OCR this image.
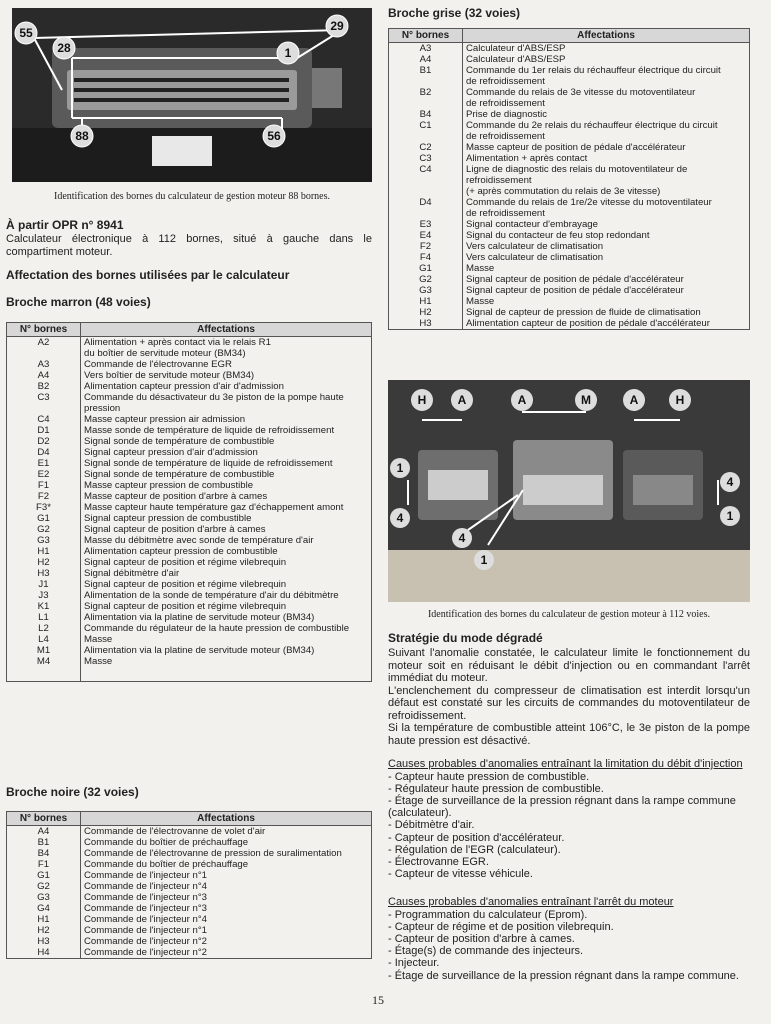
55
28
29
1
88	56
Identification des bornes du calculateur de gestion moteur 88 bornes.
À partir OPR n° 8941
Calculateur électronique à 112 bornes, situé à gauche dans le compartiment moteur.
Affectation des bornes utilisées par le calculateur
Broche marron (48 voies)
N° bornes	Affectations
A2	Alimentation + après contact via le relais R1
	du boîtier de servitude moteur (BM34)
A3	Commande de l'électrovanne EGR
A4	Vers boîtier de servitude moteur (BM34)
B2	Alimentation capteur pression d'air d'admission
C3	Commande du désactivateur du 3e piston de la pompe haute pression
C4	Masse capteur pression air admission
D1	Masse sonde de température de liquide de refroidissement
D2	Signal sonde de température de combustible
D4	Signal capteur pression d'air d'admission
E1	Signal sonde de température de liquide de refroidissement
E2	Signal sonde de température de combustible
F1	Masse capteur pression de combustible
F2	Masse capteur de position d'arbre à cames
F3*	Masse capteur haute température gaz d'échappement amont
G1	Signal capteur pression de combustible
G2	Signal capteur de position d'arbre à cames
G3	Masse du débitmètre avec sonde de température d'air
H1	Alimentation capteur pression de combustible
H2	Signal capteur de position et régime vilebrequin
H3	Signal débitmètre d'air
J1	Signal capteur de position et régime vilebrequin
J3	Alimentation de la sonde de température d'air du débitmètre
K1	Signal capteur de position et régime vilebrequin
L1	Alimentation via la platine de servitude moteur (BM34)
L2	Commande du régulateur de la haute pression de combustible
L4	Masse
M1	Alimentation via la platine de servitude moteur (BM34)
M4	Masse

Broche noire (32 voies)
N° bornes	Affectations
A4	Commande de l'électrovanne de volet d'air
B1	Commande du boîtier de préchauffage
B4	Commande de l'électrovanne de pression de suralimentation
F1	Commande du boîtier de préchauffage
G1	Commande de l'injecteur n°1
G2	Commande de l'injecteur n°4
G3	Commande de l'injecteur n°3
G4	Commande de l'injecteur n°3
H1	Commande de l'injecteur n°4
H2	Commande de l'injecteur n°1
H3	Commande de l'injecteur n°2
H4	Commande de l'injecteur n°2
Broche grise (32 voies)
N° bornes	Affectations
A3	Calculateur d'ABS/ESP
A4	Calculateur d'ABS/ESP
B1	Commande du 1er relais du réchauffeur électrique du circuit
	de refroidissement
B2	Commande du relais de 3e vitesse du motoventilateur
	de refroidissement
B4	Prise de diagnostic
C1	Commande du 2e relais du réchauffeur électrique du circuit
	de refroidissement
C2	Masse capteur de position de pédale d'accélérateur
C3	Alimentation + après contact
C4	Ligne de diagnostic des relais du motoventilateur de refroidissement
	(+ après commutation du relais de 3e vitesse)
D4	Commande du relais de 1re/2e vitesse du motoventilateur
	de refroidissement
E3	Signal contacteur d'embrayage
E4	Signal du contacteur de feu stop redondant
F2	Vers calculateur de climatisation
F4	Vers calculateur de climatisation
G1	Masse
G2	Signal capteur de position de pédale d'accélérateur
G3	Signal capteur de position de pédale d'accélérateur
H1	Masse
H2	Signal de capteur de pression de fluide de climatisation
H3	Alimentation capteur de position de pédale d'accélérateur
H	A	A	M	A	H
1
4
4
1
4
1
Identification des bornes du calculateur de gestion moteur à 112 voies.
Stratégie du mode dégradé

Suivant l'anomalie constatée, le calculateur limite le fonctionnement du moteur soit en réduisant le débit d'injection ou en commandant l'arrêt immédiat du moteur.

L'enclenchement du compresseur de climatisation est interdit lorsqu'un défaut est constaté sur les circuits de commandes du motoventilateur de refroidissement.

Si la température de combustible atteint 106°C, le 3e piston de la pompe haute pression est désactivé.

Causes probables d'anomalies entraînant la limitation du débit d'injection
- Capteur haute pression de combustible.
- Régulateur haute pression de combustible.
- Étage de surveillance de la pression régnant dans la rampe commune (calculateur).
- Débitmètre d'air.
- Capteur de position d'accélérateur.
- Régulation de l'EGR (calculateur).
- Électrovanne EGR.
- Capteur de vitesse véhicule.
Causes probables d'anomalies entraînant l'arrêt du moteur
- Programmation du calculateur (Eprom).
- Capteur de régime et de position vilebrequin.
- Capteur de position d'arbre à cames.
- Étage(s) de commande des injecteurs.
- Injecteur.
- Étage de surveillance de la pression régnant dans la rampe commune.
15
